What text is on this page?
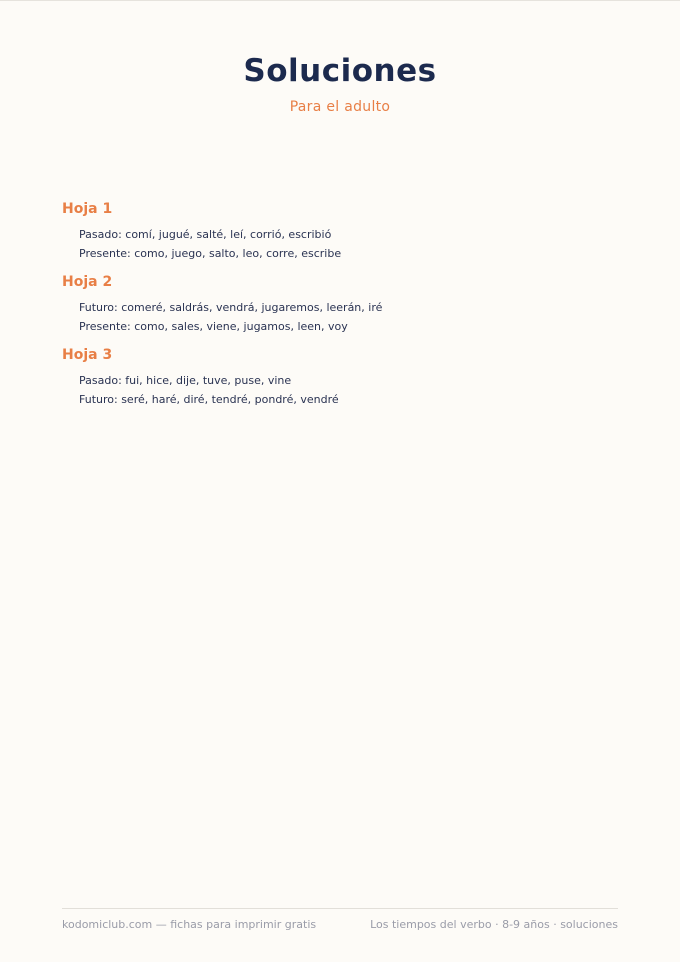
Soluciones
Para el adulto
Hoja 1
Pasado: comí, jugué, salté, leí, corrió, escribió
Presente: como, juego, salto, leo, corre, escribe
Hoja 2
Futuro: comeré, saldrás, vendrá, jugaremos, leerán, iré
Presente: como, sales, viene, jugamos, leen, voy
Hoja 3
Pasado: fui, hice, dije, tuve, puse, vine
Futuro: seré, haré, diré, tendré, pondré, vendré
kodomiclub.com — fichas para imprimir gratis	Los tiempos del verbo · 8-9 años · soluciones
